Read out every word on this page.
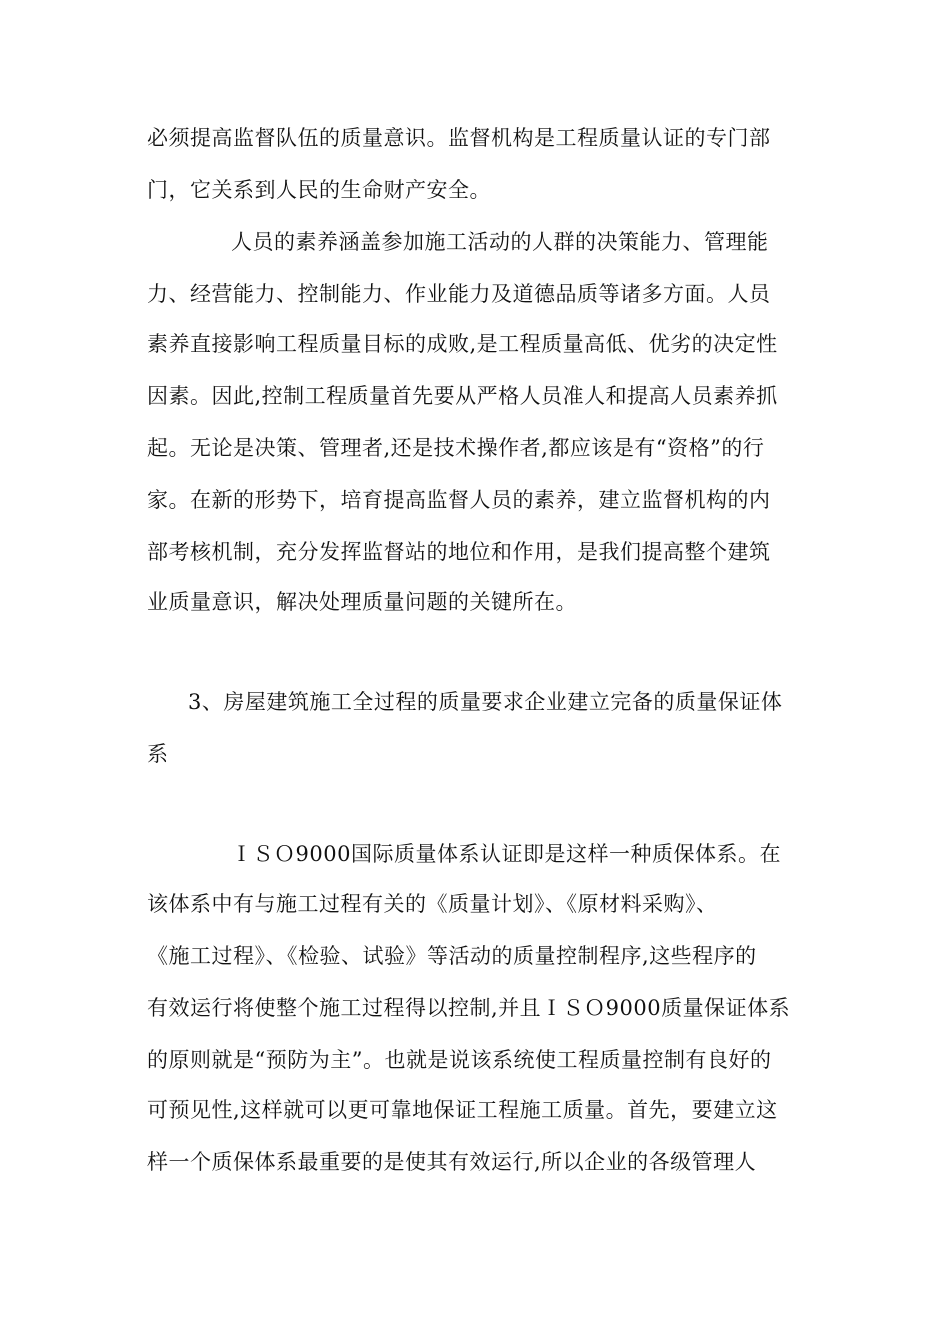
必须提高监督队伍的质量意识。监督机构是工程质量认证的专门部
门，它关系到人民的生命财产安全。
人员的素养涵盖参加施工活动的人群的决策能力、管理能
力、经营能力、控制能力、作业能力及道德品质等诸多方面。人员
素养直接影响工程质量目标的成败,是工程质量高低、优劣的决定性
因素。因此,控制工程质量首先要从严格人员准人和提高人员素养抓
起。无论是决策、管理者,还是技术操作者,都应该是有“资格”的行
家。在新的形势下，培育提高监督人员的素养，建立监督机构的内
部考核机制，充分发挥监督站的地位和作用，是我们提高整个建筑
业质量意识，解决处理质量问题的关键所在。
3、房屋建筑施工全过程的质量要求企业建立完备的质量保证体
系
ＩＳＯ9000国际质量体系认证即是这样一种质保体系。在
该体系中有与施工过程有关的《质量计划》、《原材料采购》、
《施工过程》、《检验、试验》等活动的质量控制程序,这些程序的
有效运行将使整个施工过程得以控制,并且ＩＳＯ9000质量保证体系
的原则就是“预防为主”。也就是说该系统使工程质量控制有良好的
可预见性,这样就可以更可靠地保证工程施工质量。首先，要建立这
样一个质保体系最重要的是使其有效运行,所以企业的各级管理人
